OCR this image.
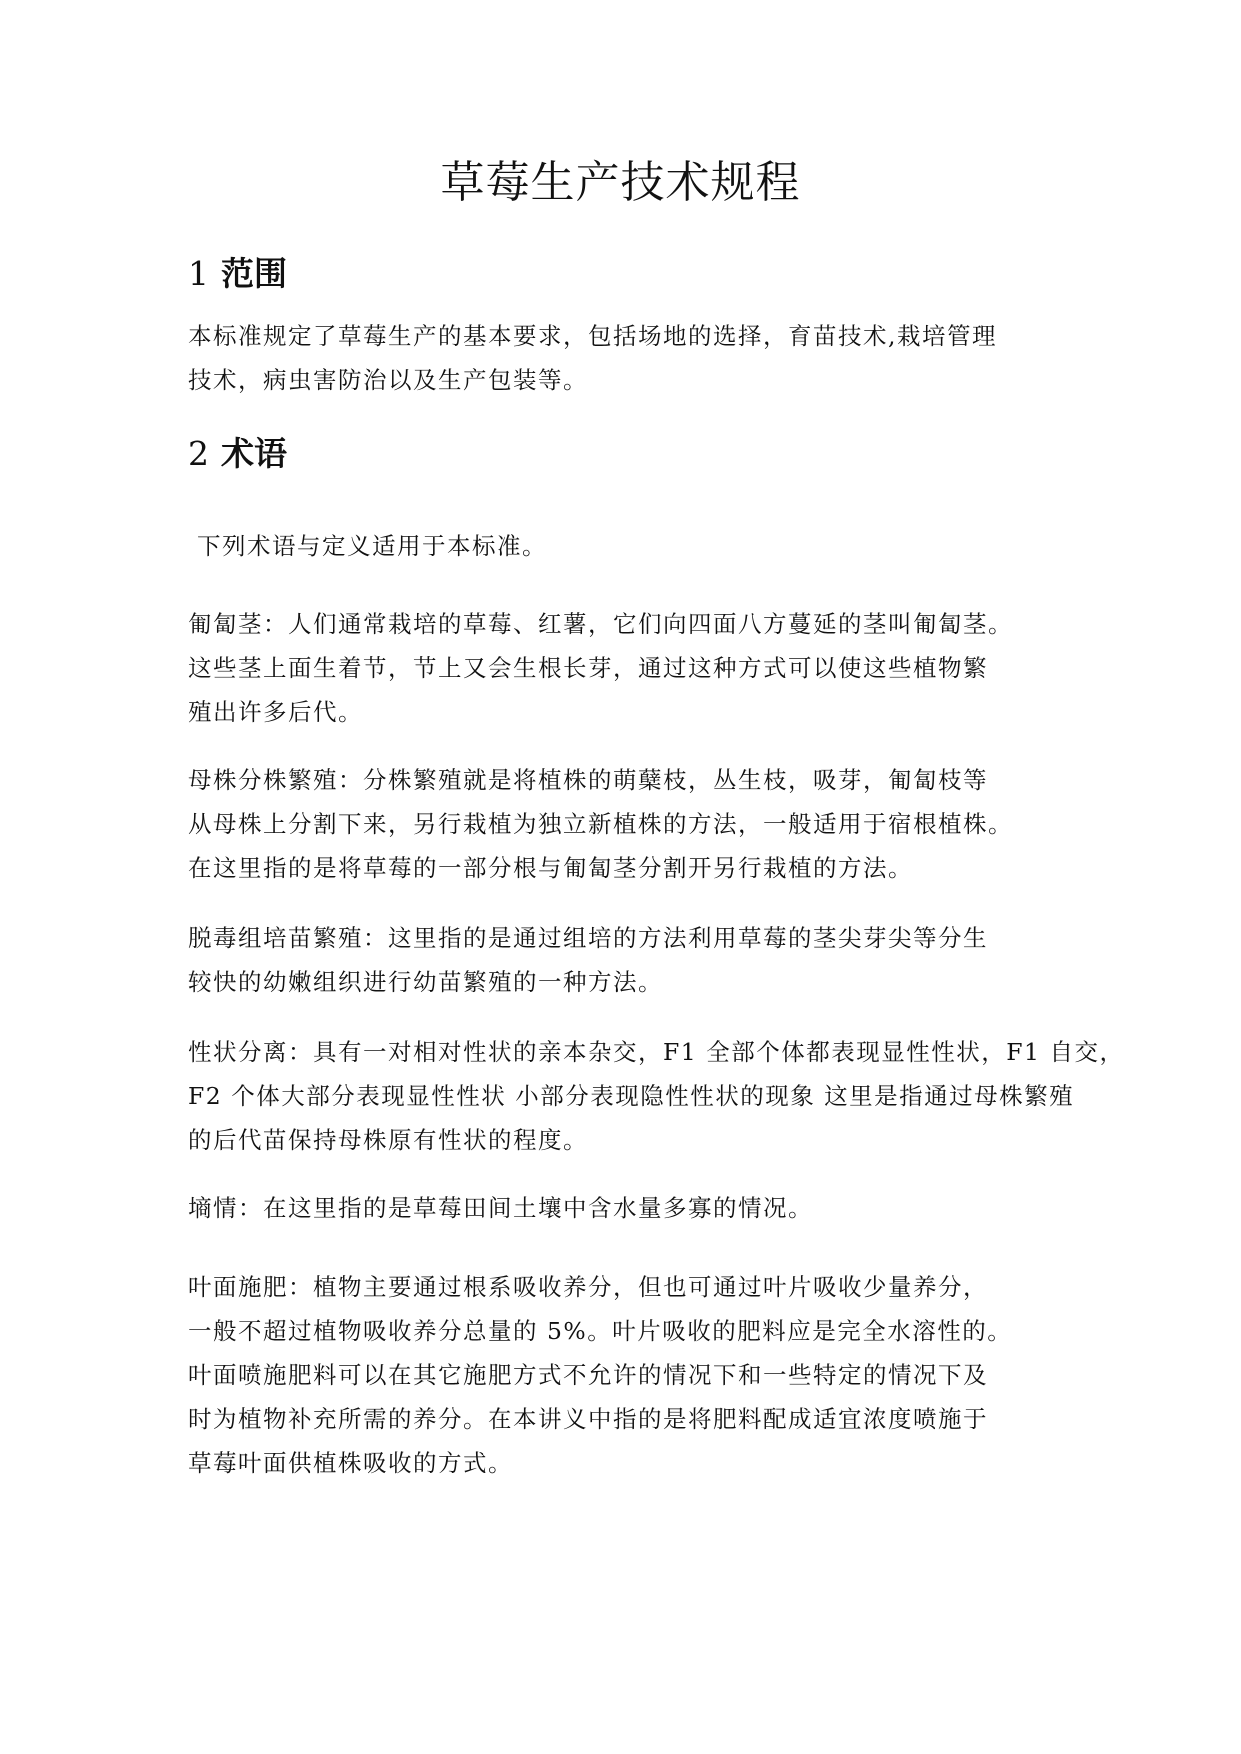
草莓生产技术规程
1 范围

本标准规定了草莓生产的基本要求，包括场地的选择，育苗技术,栽培管理
技术，病虫害防治以及生产包装等。

2 术语

下列术语与定义适用于本标准。

匍匐茎：人们通常栽培的草莓、红薯，它们向四面八方蔓延的茎叫匍匐茎。
这些茎上面生着节，节上又会生根长芽，通过这种方式可以使这些植物繁
殖出许多后代。

母株分株繁殖：分株繁殖就是将植株的萌蘖枝，丛生枝，吸芽，匍匐枝等
从母株上分割下来，另行栽植为独立新植株的方法，一般适用于宿根植株。
在这里指的是将草莓的一部分根与匍匐茎分割开另行栽植的方法。

脱毒组培苗繁殖：这里指的是通过组培的方法利用草莓的茎尖芽尖等分生
较快的幼嫩组织进行幼苗繁殖的一种方法。

性状分离：具有一对相对性状的亲本杂交，F1 全部个体都表现显性性状，F1 自交，
F2 个体大部分表现显性性状 小部分表现隐性性状的现象 这里是指通过母株繁殖
的后代苗保持母株原有性状的程度。

墒情：在这里指的是草莓田间土壤中含水量多寡的情况。

叶面施肥：植物主要通过根系吸收养分，但也可通过叶片吸收少量养分，
一般不超过植物吸收养分总量的 5%。叶片吸收的肥料应是完全水溶性的。
叶面喷施肥料可以在其它施肥方式不允许的情况下和一些特定的情况下及
时为植物补充所需的养分。在本讲义中指的是将肥料配成适宜浓度喷施于
草莓叶面供植株吸收的方式。
